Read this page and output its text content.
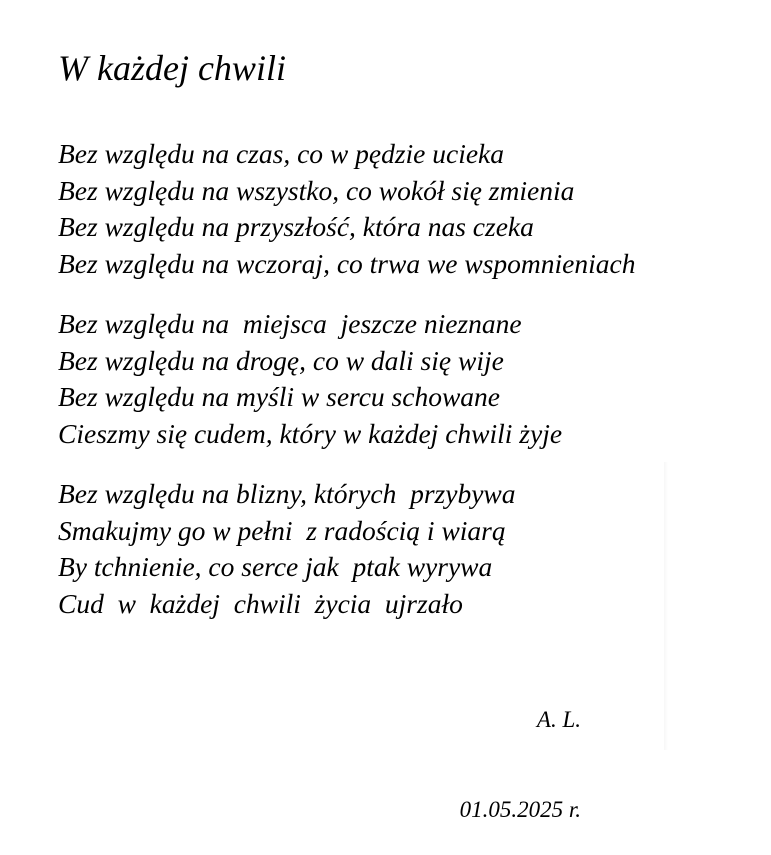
W każdej chwili
Bez względu na czas, co w pędzie ucieka
Bez względu na wszystko, co wokół się zmienia
Bez względu na przyszłość, która nas czeka
Bez względu na wczoraj, co trwa we wspomnieniach
Bez względu na  miejsca  jeszcze nieznane
Bez względu na drogę, co w dali się wije
Bez względu na myśli w sercu schowane
Cieszmy się cudem, który w każdej chwili żyje
Bez względu na blizny, których  przybywa
Smakujmy go w pełni  z radością i wiarą
By tchnienie, co serce jak  ptak wyrywa
Cud  w  każdej  chwili  życia  ujrzało

A. L.

01.05.2025 r.
